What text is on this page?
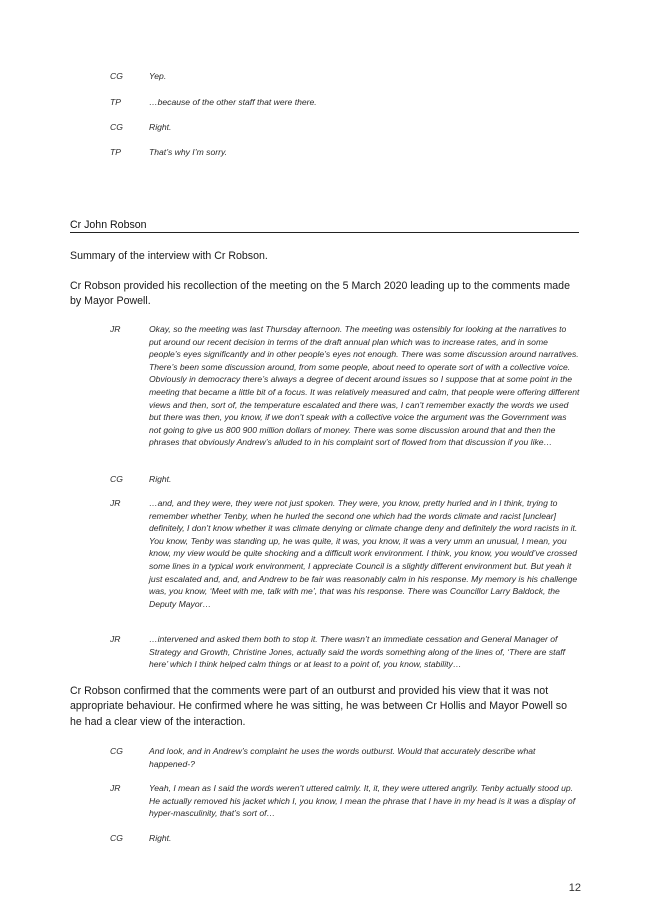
CG	Yep.
TP	…because of the other staff that were there.
CG	Right.
TP	That’s why I’m sorry.
Cr John Robson
Summary of the interview with Cr Robson.
Cr Robson provided his recollection of the meeting on the 5 March 2020 leading up to the comments made by Mayor Powell.
JR	Okay, so the meeting was last Thursday afternoon. The meeting was ostensibly for looking at the narratives to put around our recent decision in terms of the draft annual plan which was to increase rates, and in some people’s eyes significantly and in other people’s eyes not enough. There was some discussion around narratives. There’s been some discussion around, from some people, about need to operate sort of with a collective voice. Obviously in democracy there’s always a degree of decent around issues so I suppose that at some point in the meeting that became a little bit of a focus. It was relatively measured and calm, that people were offering different views and then, sort of, the temperature escalated and there was, I can’t remember exactly the words we used but there was then, you know, if we don’t speak with a collective voice the argument was the Government was not going to give us 800 900 million dollars of money. There was some discussion around that and then the phrases that obviously Andrew’s alluded to in his complaint sort of flowed from that discussion if you like…
CG	Right.
JR	…and, and they were, they were not just spoken. They were, you know, pretty hurled and in I think, trying to remember whether Tenby, when he hurled the second one which had the words climate and racist [unclear] definitely, I don’t know whether it was climate denying or climate change deny and definitely the word racists in it. You know, Tenby was standing up, he was quite, it was, you know, it was a very umm an unusual, I mean, you know, my view would be quite shocking and a difficult work environment. I think, you know, you would’ve crossed some lines in a typical work environment, I appreciate Council is a slightly different environment but. But yeah it just escalated and, and, and Andrew to be fair was reasonably calm in his response. My memory is his challenge was, you know, ‘Meet with me, talk with me’, that was his response. There was Councillor Larry Baldock, the Deputy Mayor…
JR	…intervened and asked them both to stop it. There wasn’t an immediate cessation and General Manager of Strategy and Growth, Christine Jones, actually said the words something along of the lines of, ‘There are staff here’ which I think helped calm things or at least to a point of, you know, stability…
Cr Robson confirmed that the comments were part of an outburst and provided his view that it was not appropriate behaviour. He confirmed where he was sitting, he was between Cr Hollis and Mayor Powell so he had a clear view of the interaction.
CG	And look, and in Andrew’s complaint he uses the words outburst. Would that accurately describe what happened-?
JR	Yeah, I mean as I said the words weren’t uttered calmly. It, it, they were uttered angrily. Tenby actually stood up. He actually removed his jacket which I, you know, I mean the phrase that I have in my head is it was a display of hyper-masculinity, that’s sort of…
CG	Right.
12
